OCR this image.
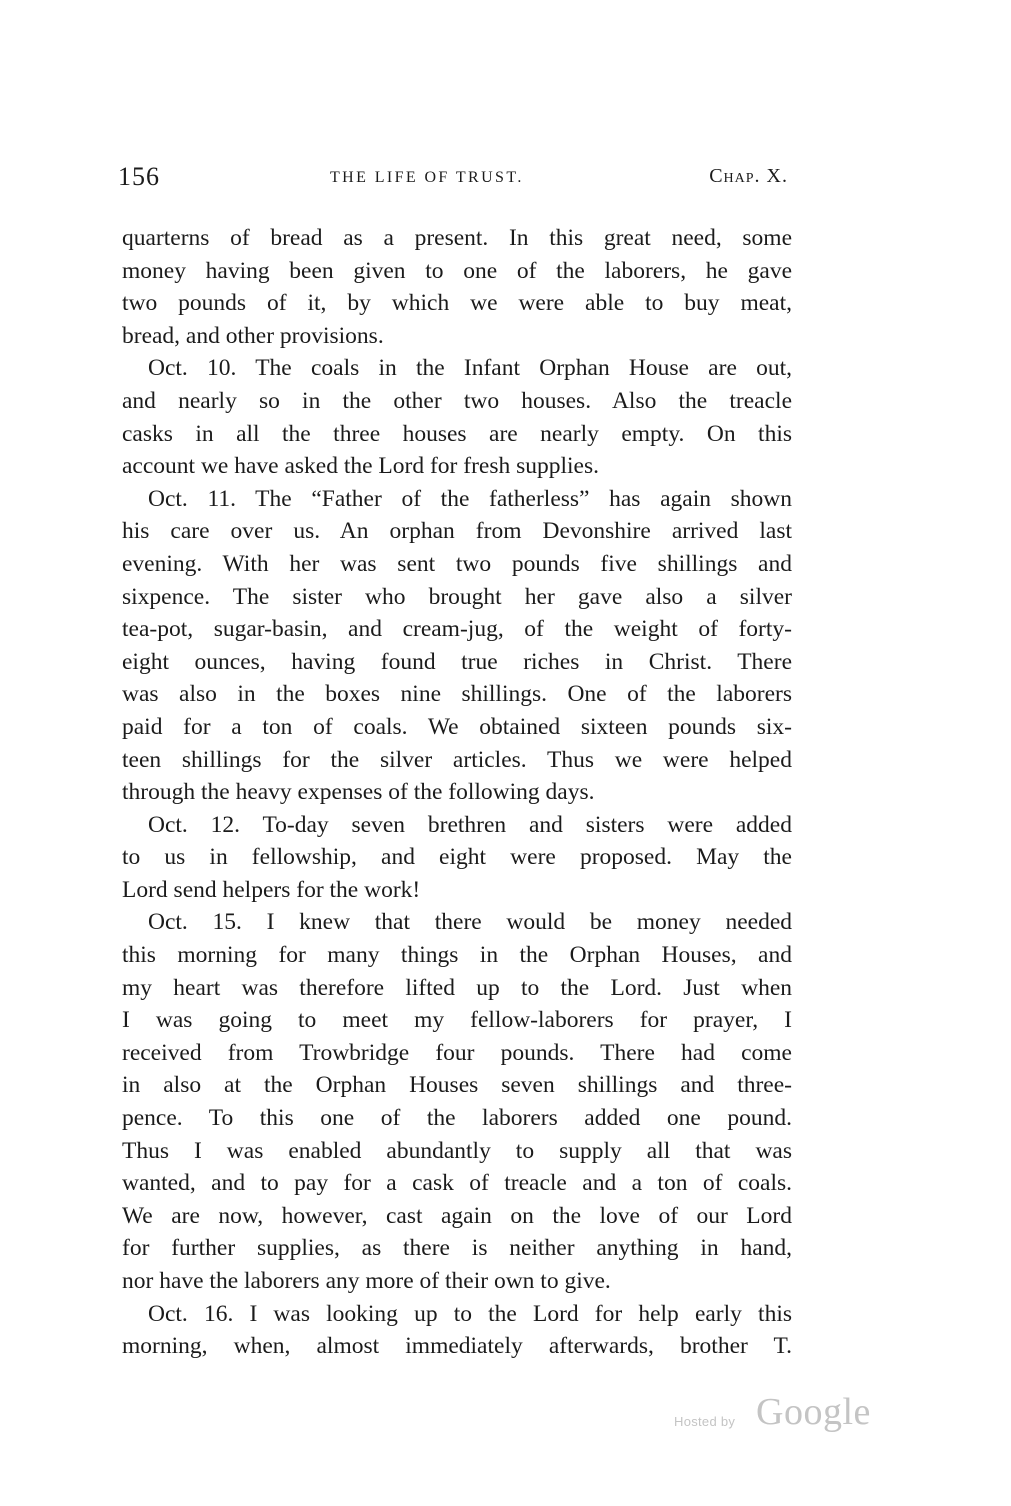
156	THE LIFE OF TRUST.	Chap. X.
quarterns of bread as a present. In this great need, some
money having been given to one of the laborers, he gave
two pounds of it, by which we were able to buy meat,
bread, and other provisions.
Oct. 10. The coals in the Infant Orphan House are out,
and nearly so in the other two houses. Also the treacle
casks in all the three houses are nearly empty. On this
account we have asked the Lord for fresh supplies.
Oct. 11. The “Father of the fatherless” has again shown
his care over us. An orphan from Devonshire arrived last
evening. With her was sent two pounds five shillings and
sixpence. The sister who brought her gave also a silver
tea-pot, sugar-basin, and cream-jug, of the weight of forty-
eight ounces, having found true riches in Christ. There
was also in the boxes nine shillings. One of the laborers
paid for a ton of coals. We obtained sixteen pounds six-
teen shillings for the silver articles. Thus we were helped
through the heavy expenses of the following days.
Oct. 12. To-day seven brethren and sisters were added
to us in fellowship, and eight were proposed. May the
Lord send helpers for the work!
Oct. 15. I knew that there would be money needed
this morning for many things in the Orphan Houses, and
my heart was therefore lifted up to the Lord. Just when
I was going to meet my fellow-laborers for prayer, I
received from Trowbridge four pounds. There had come
in also at the Orphan Houses seven shillings and three-
pence. To this one of the laborers added one pound.
Thus I was enabled abundantly to supply all that was
wanted, and to pay for a cask of treacle and a ton of coals.
We are now, however, cast again on the love of our Lord
for further supplies, as there is neither anything in hand,
nor have the laborers any more of their own to give.
Oct. 16. I was looking up to the Lord for help early this
morning, when, almost immediately afterwards, brother T.
Hosted by Google
